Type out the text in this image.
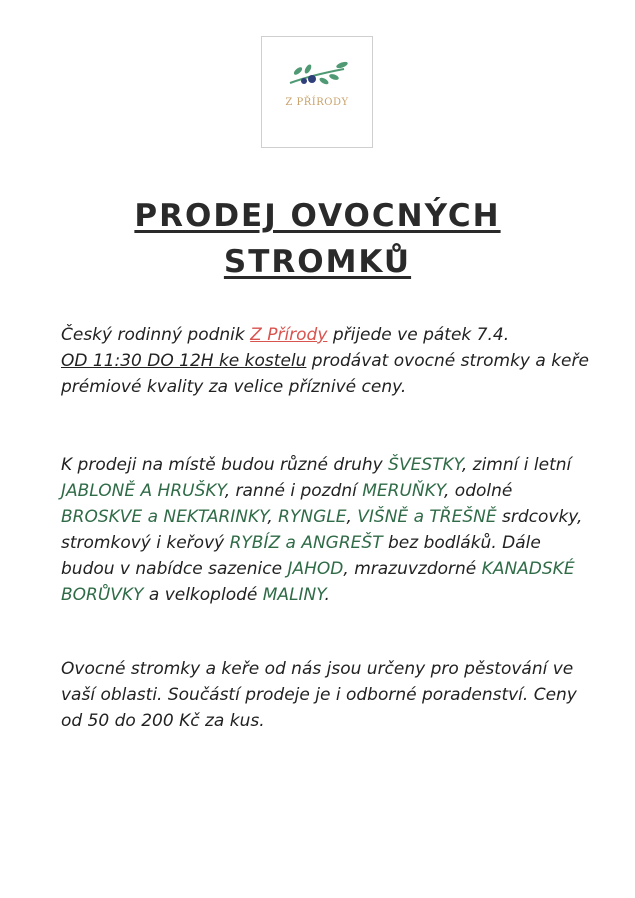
Z PŘÍRODY
PRODEJ OVOCNÝCH
STROMKŮ
Český rodinný podnik Z Přírody přijede ve pátek 7.4.
OD 11:30 DO 12H ke kostelu prodávat ovocné stromky a keře prémiové kvality za velice příznivé ceny.
K prodeji na místě budou různé druhy ŠVESTKY, zimní i letní JABLONĚ A HRUŠKY, ranné i pozdní MERUŇKY, odolné BROSKVE a NEKTARINKY, RYNGLE, VIŠNĚ a TŘEŠNĚ srdcovky, stromkový i keřový RYBÍZ a ANGREŠT bez bodláků. Dále budou v nabídce sazenice JAHOD, mrazuvzdorné KANADSKÉ BORŮVKY a velkoplodé MALINY.
Ovocné stromky a keře od nás jsou určeny pro pěstování ve vaší oblasti. Součástí prodeje je i odborné poradenství. Ceny od 50 do 200 Kč za kus.
